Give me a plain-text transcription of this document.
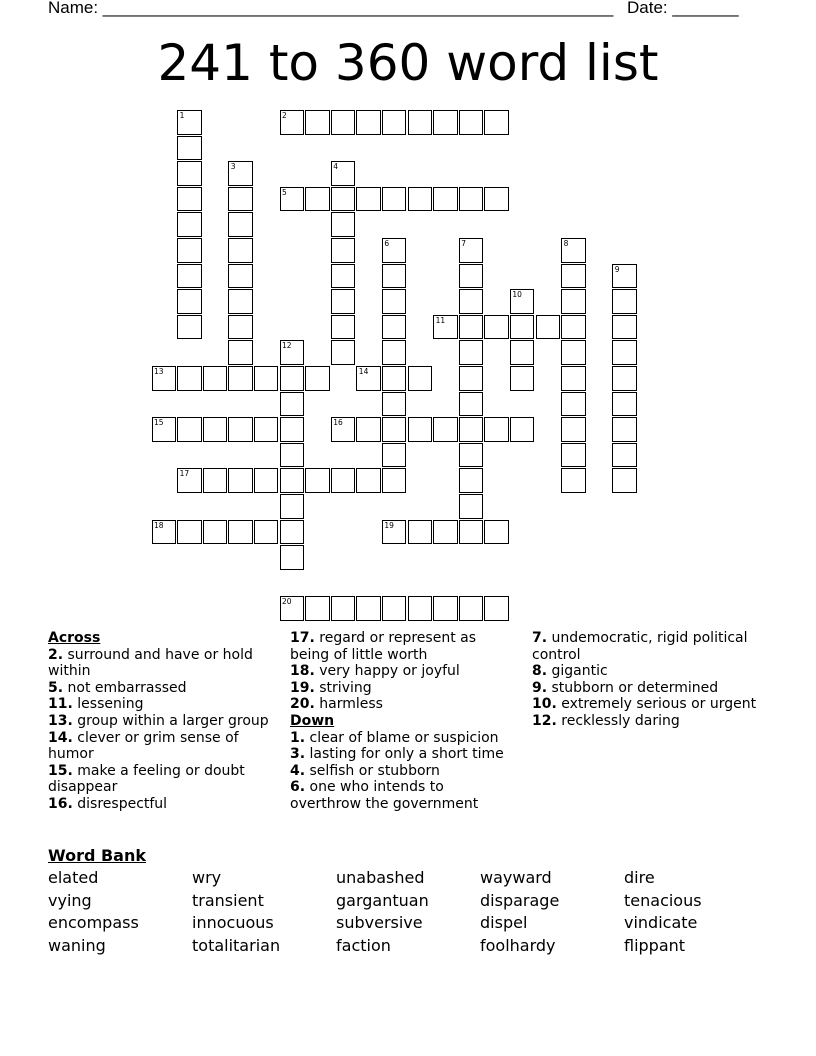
Name: ______________________________________________________ Date: _______
241 to 360 word list
1	2
3	4
5
6	7	8
9
10
11
12
13	14
15	16
17
18	19
20
Across
2. surround and have or hold within
5. not embarrassed
11. lessening
13. group within a larger group
14. clever or grim sense of humor
15. make a feeling or doubt disappear
16. disrespectful
17. regard or represent as being of little worth
18. very happy or joyful
19. striving
20. harmless
Down
1. clear of blame or suspicion
3. lasting for only a short time
4. selfish or stubborn
6. one who intends to overthrow the government
7. undemocratic, rigid political control
8. gigantic
9. stubborn or determined
10. extremely serious or urgent
12. recklessly daring
Word Bank
elated	wry	unabashed	wayward	dire
vying	transient	gargantuan	disparage	tenacious
encompass	innocuous	subversive	dispel	vindicate
waning	totalitarian	faction	foolhardy	flippant
